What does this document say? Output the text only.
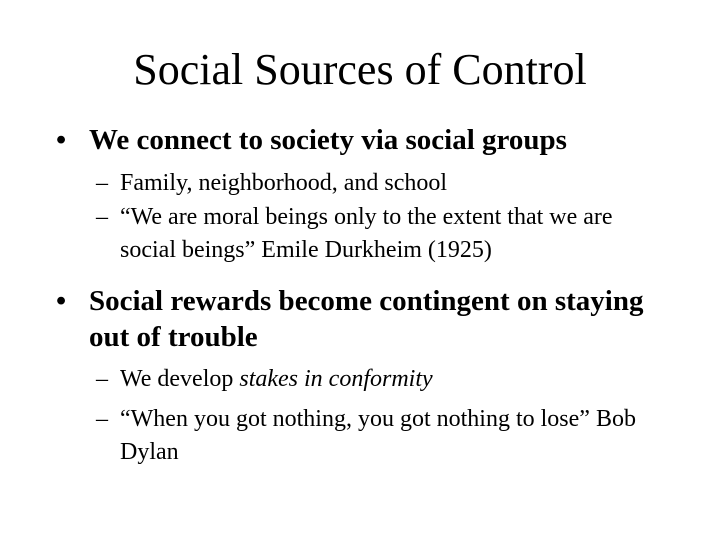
Social Sources of Control
• We connect to society via social groups
– Family, neighborhood, and school
– “We are moral beings only to the extent that we are social beings” Emile Durkheim (1925)
• Social rewards become contingent on staying out of trouble
– We develop stakes in conformity
– “When you got nothing, you got nothing to lose” Bob Dylan
